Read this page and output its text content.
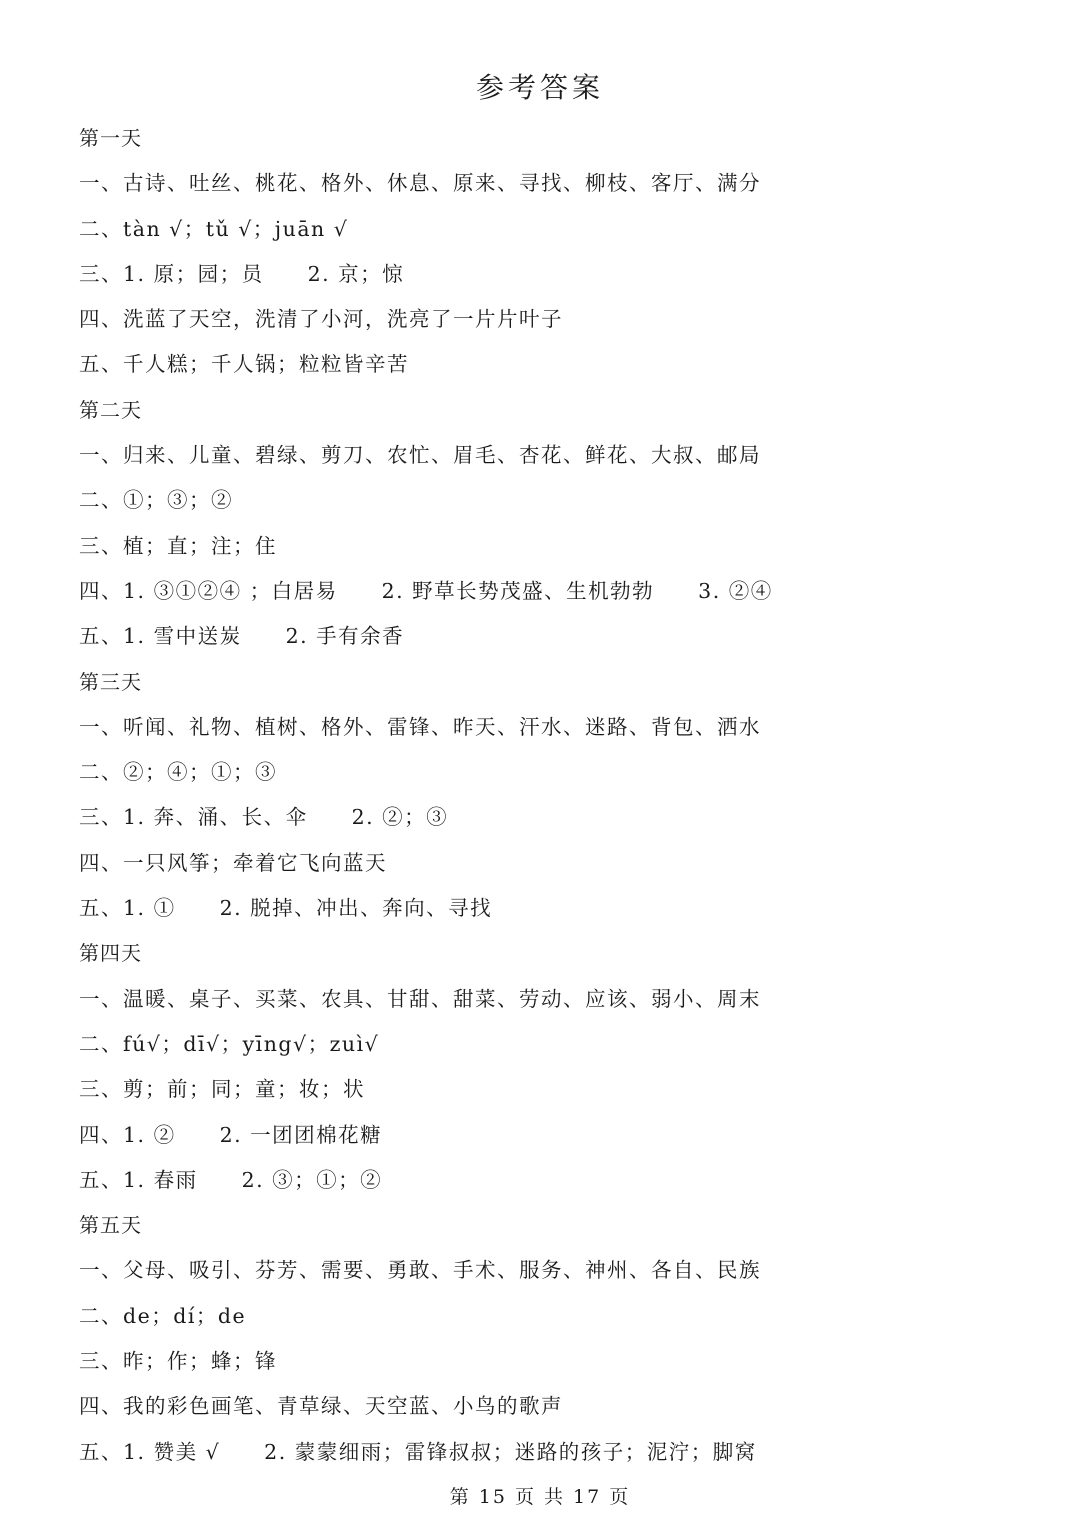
参考答案
第一天
一、古诗、吐丝、桃花、格外、休息、原来、寻找、柳枝、客厅、满分
二、tàn √；tǔ √；juān √
三、1. 原；园；员　　2. 京；惊
四、洗蓝了天空，洗清了小河，洗亮了一片片叶子
五、千人糕；千人锅；粒粒皆辛苦
第二天
一、归来、儿童、碧绿、剪刀、农忙、眉毛、杏花、鲜花、大叔、邮局
二、①；③；②
三、植；直；注；住
四、1. ③①②④ ；白居易　　2. 野草长势茂盛、生机勃勃　　3. ②④
五、1. 雪中送炭　　2. 手有余香
第三天
一、听闻、礼物、植树、格外、雷锋、昨天、汗水、迷路、背包、洒水
二、②；④；①；③
三、1. 奔、涌、长、伞　　2. ②；③
四、一只风筝；牵着它飞向蓝天
五、1. ①　　2. 脱掉、冲出、奔向、寻找
第四天
一、温暖、桌子、买菜、农具、甘甜、甜菜、劳动、应该、弱小、周末
二、fú√；dī√；yīng√；zuì√
三、剪；前；同；童；妆；状
四、1. ②　　2. 一团团棉花糖
五、1. 春雨　　2. ③；①；②
第五天
一、父母、吸引、芬芳、需要、勇敢、手术、服务、神州、各自、民族
二、de；dí；de
三、昨；作；蜂；锋
四、我的彩色画笔、青草绿、天空蓝、小鸟的歌声
五、1. 赞美 √　　2. 蒙蒙细雨；雷锋叔叔；迷路的孩子；泥泞；脚窝
第 15 页 共 17 页
